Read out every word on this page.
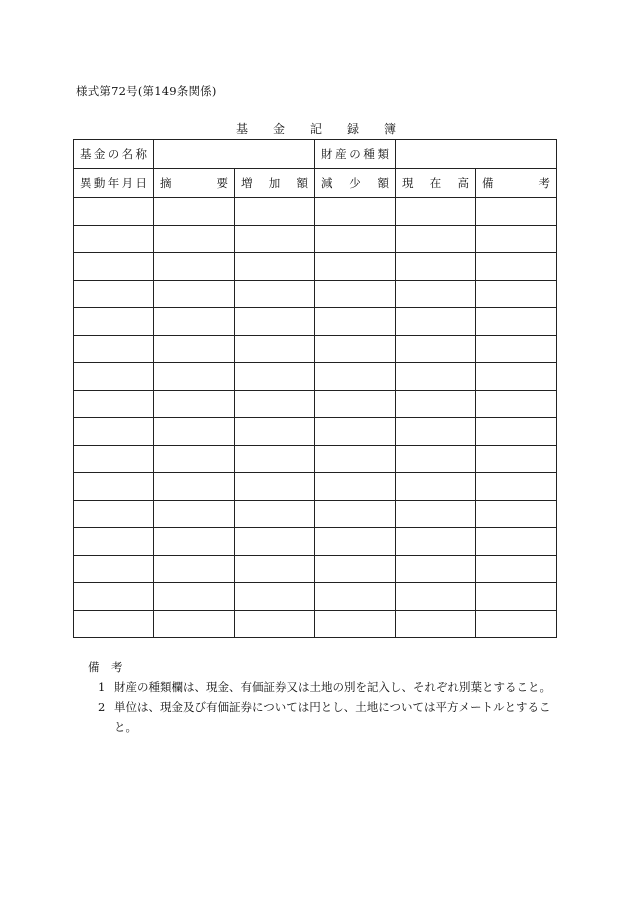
様式第72号(第149条関係)
基 金 記 録 簿
基 金 の 名 称			財 産 の 種 類		

異 動 年 月 日	摘 要	増 加 額	減 少 額	現 在 高	備 考

備　考
1 財産の種類欄は、現金、有価証券又は土地の別を記入し、それぞれ別葉とすること。
2 単位は、現金及び有価証券については円とし、土地については平方メートルとすること。
